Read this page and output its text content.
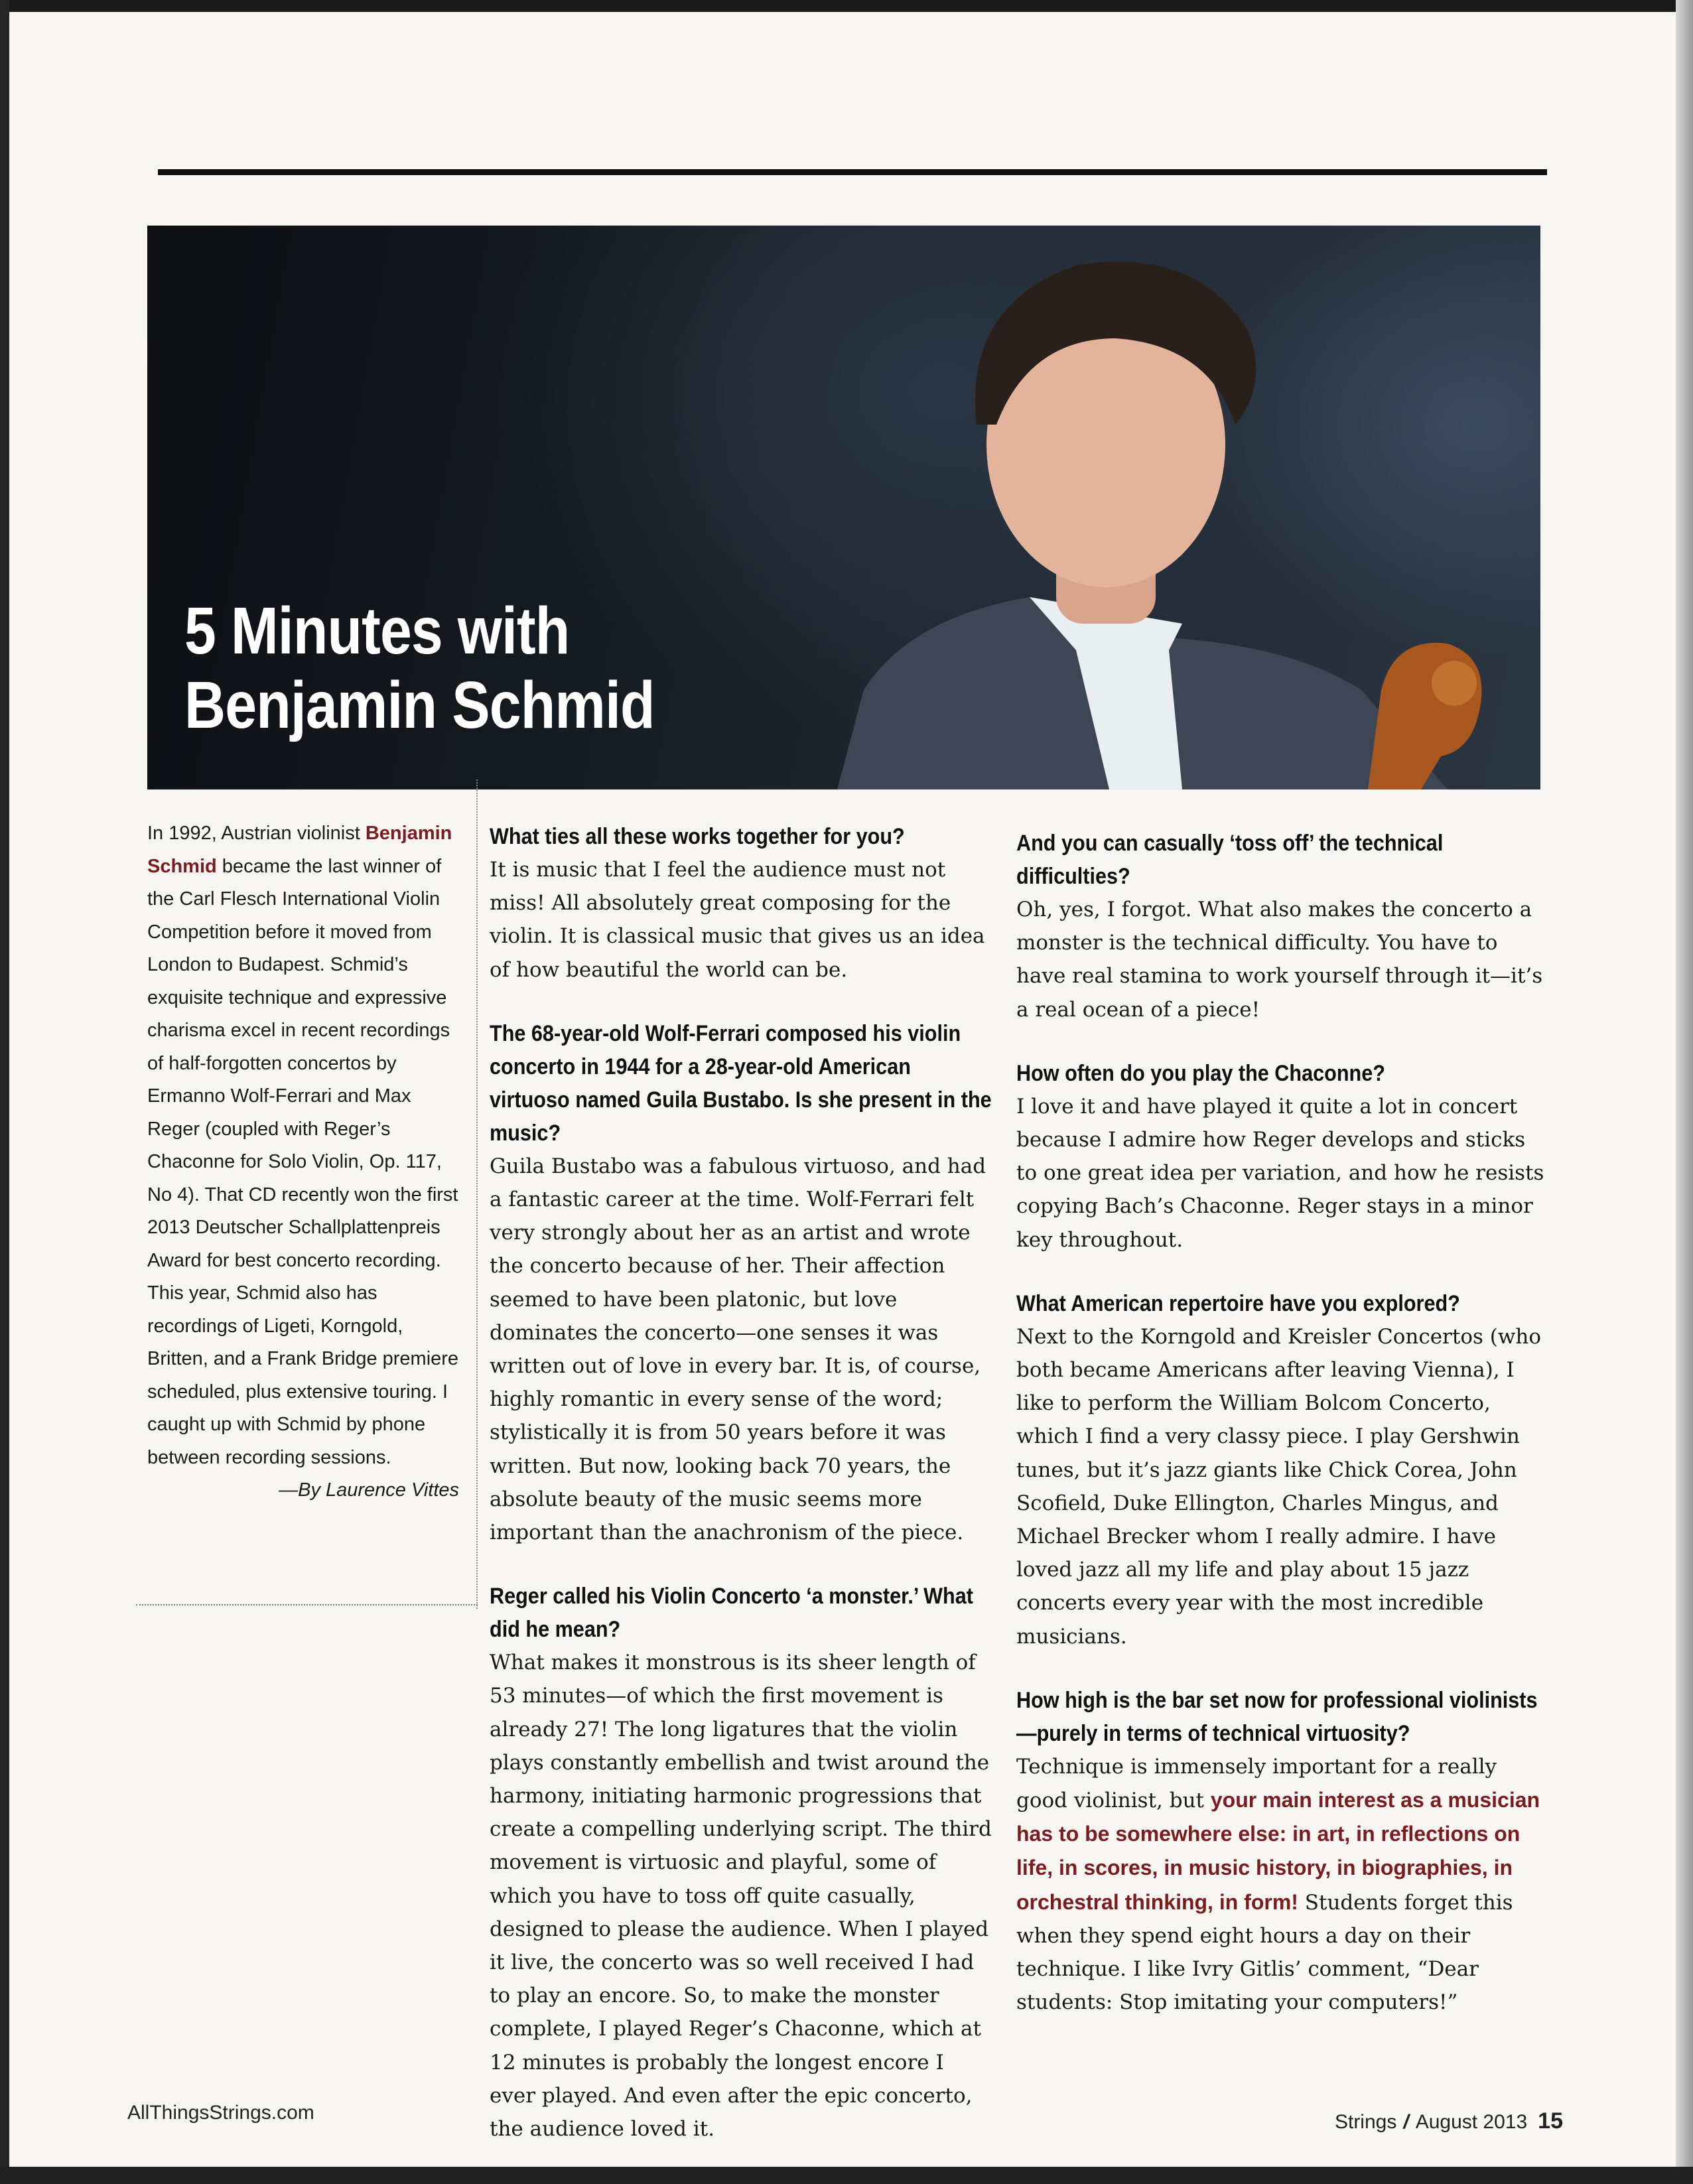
5 Minutes with
Benjamin Schmid

In 1992, Austrian violinist Benjamin Schmid became the last winner of the Carl Flesch International Violin Competition before it moved from London to Budapest. Schmid’s exquisite technique and expressive charisma excel in recent recordings of half-forgotten concertos by Ermanno Wolf-Ferrari and Max Reger (coupled with Reger’s Chaconne for Solo Violin, Op. 117, No 4). That CD recently won the first 2013 Deutscher Schallplattenpreis Award for best concerto recording. This year, Schmid also has recordings of Ligeti, Korngold, Britten, and a Frank Bridge premiere scheduled, plus extensive touring. I caught up with Schmid by phone between recording sessions.

—By Laurence Vittes

What ties all these works together for you?

It is music that I feel the audience must not miss! All absolutely great composing for the violin. It is classical music that gives us an idea of how beautiful the world can be.

The 68-year-old Wolf-Ferrari composed his violin concerto in 1944 for a 28-year-old American virtuoso named Guila Bustabo. Is she present in the music?

Guila Bustabo was a fabulous virtuoso, and had a fantastic career at the time. Wolf-Ferrari felt very strongly about her as an artist and wrote the concerto because of her. Their affection seemed to have been platonic, but love dominates the concerto—one senses it was written out of love in every bar. It is, of course, highly romantic in every sense of the word; stylistically it is from 50 years before it was written. But now, looking back 70 years, the absolute beauty of the music seems more important than the anachronism of the piece.

Reger called his Violin Concerto ‘a monster.’ What did he mean?

What makes it monstrous is its sheer length of 53 minutes—of which the first movement is already 27! The long ligatures that the violin plays constantly embellish and twist around the harmony, initiating harmonic progressions that create a compelling underlying script. The third movement is virtuosic and playful, some of which you have to toss off quite casually, designed to please the audience. When I played it live, the concerto was so well received I had to play an encore. So, to make the monster complete, I played Reger’s Chaconne, which at 12 minutes is probably the longest encore I ever played. And even after the epic concerto, the audience loved it.

And you can casually ‘toss off’ the technical difficulties?

Oh, yes, I forgot. What also makes the concerto a monster is the technical difficulty. You have to have real stamina to work yourself through it—it’s a real ocean of a piece!

How often do you play the Chaconne?

I love it and have played it quite a lot in concert because I admire how Reger develops and sticks to one great idea per variation, and how he resists copying Bach’s Chaconne. Reger stays in a minor key throughout.

What American repertoire have you explored?

Next to the Korngold and Kreisler Concertos (who both became Americans after leaving Vienna), I like to perform the William Bolcom Concerto, which I find a very classy piece. I play Gershwin tunes, but it’s jazz giants like Chick Corea, John Scofield, Duke Ellington, Charles Mingus, and Michael Brecker whom I really admire. I have loved jazz all my life and play about 15 jazz concerts every year with the most incredible musicians.

How high is the bar set now for professional violinists—purely in terms of technical virtuosity?

Technique is immensely important for a really good violinist, but your main interest as a musician has to be somewhere else: in art, in reflections on life, in scores, in music history, in biographies, in orchestral thinking, in form! Students forget this when they spend eight hours a day on their technique. I like Ivry Gitlis’ comment, “Dear students: Stop imitating your computers!”

AllThingsStrings.com	Strings / August 2013 15
